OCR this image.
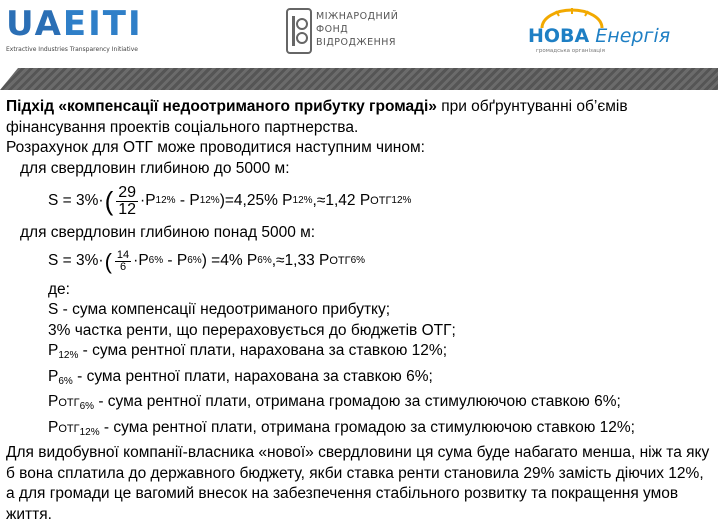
UAEITI
Extractive Industries Transparency Initiative
МІЖНАРОДНИЙ
ФОНД
ВІДРОДЖЕННЯ	НОВА Енергія
громадська організація

Підхід «компенсації недоотриманого прибутку громаді» при обґрунтуванні об’ємів фінансування проектів соціального партнерства.

Розрахунок для ОТГ може проводитися наступним чином:

для свердловин глибиною до 5000 м:

S = 3%· ( $\frac{29}{12} \cdot P$ 12% - P 12% )=4,25% P 12% ,≈1,42 P ОТГ 12%

для свердловин глибиною понад 5000 м:

S = 3%· ( $\frac{14}{6} \cdot P$ 6% - P 6% ) =4% P 6% ,≈1,33 P ОТГ 6%

де:

S - сума компенсації недоотриманого прибутку;

3% частка ренти, що перераховується до бюджетів ОТГ;

$P_{12\%}$ - сума рентної плати, нарахована за ставкою 12%;

$P_{6\%}$ - сума рентної плати, нарахована за ставкою 6%;

$PОТГ_{6\%}$ - сума рентної плати, отримана громадою за стимулюючою ставкою 6%;

$PОТГ_{12\%}$ - сума рентної плати, отримана громадою за стимулюючою ставкою 12%;

Для видобувної компанії-власника «нової» свердловини ця сума буде набагато менша, ніж та яку б вона сплатила до державного бюджету, якби ставка ренти становила 29% замість діючих 12%, а для громади це вагомий внесок на забезпечення стабільного розвитку та покращення умов життя.
